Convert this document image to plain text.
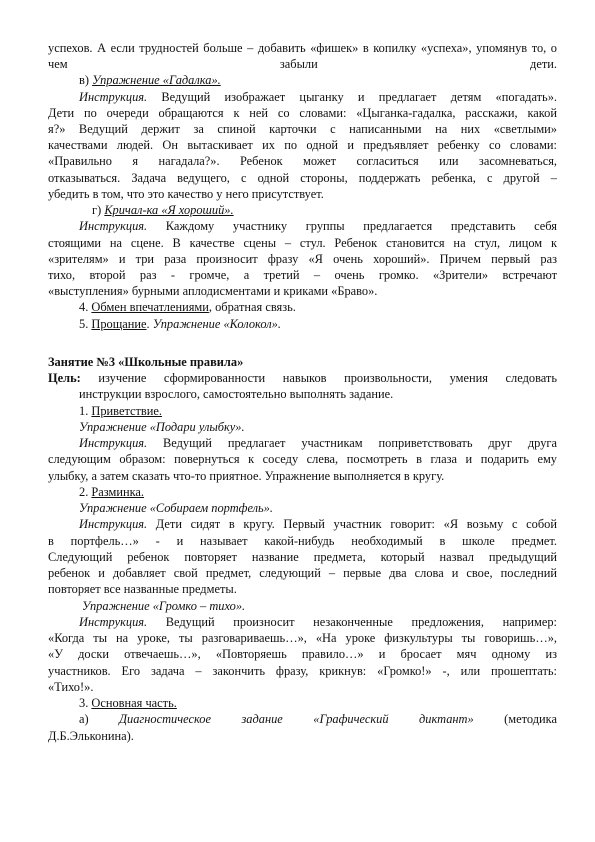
успехов. А если трудностей больше – добавить «фишек» в копилку «успеха», упомянув то, о чем забыли дети.
в) Упражнение «Гадалка».
Инструкция. Ведущий изображает цыганку и предлагает детям «погадать».
Дети по очереди обращаются к ней со словами: «Цыганка-гадалка, расскажи, какой
я?» Ведущий держит за спиной карточки с написанными на них «светлыми»
качествами людей. Он вытаскивает их по одной и предъявляет ребенку со словами:
«Правильно я нагадала?». Ребенок может согласиться или засомневаться,
отказываться. Задача ведущего, с одной стороны, поддержать ребенка, с другой –
убедить в том, что это качество у него присутствует.
г) Кричал-ка «Я хороший».
Инструкция. Каждому участнику группы предлагается представить себя
стоящими на сцене. В качестве сцены – стул. Ребенок становится на стул, лицом к
«зрителям» и три раза произносит фразу «Я очень хороший». Причем первый раз
тихо, второй раз - громче, а третий – очень громко. «Зрители» встречают
«выступления» бурными аплодисментами и криками «Браво».
4. Обмен впечатлениями, обратная связь.
5. Прощание. Упражнение «Колокол».
Занятие №3 «Школьные правила»
Цель: изучение сформированности навыков произвольности, умения следовать
инструкции взрослого, самостоятельно выполнять задание.
1. Приветствие.
Упражнение «Подари улыбку».
Инструкция. Ведущий предлагает участникам поприветствовать друг друга
следующим образом: повернуться к соседу слева, посмотреть в глаза и подарить ему
улыбку, а затем сказать что-то приятное. Упражнение выполняется в кругу.
2. Разминка.
Упражнение «Собираем портфель».
Инструкция. Дети сидят в кругу. Первый участник говорит: «Я возьму с собой
в портфель…» - и называет какой-нибудь необходимый в школе предмет.
Следующий ребенок повторяет название предмета, который назвал предыдущий
ребенок и добавляет свой предмет, следующий – первые два слова и свое, последний
повторяет все названные предметы.
Упражнение «Громко – тихо».
Инструкция. Ведущий произносит незаконченные предложения, например:
«Когда ты на уроке, ты разговариваешь…», «На уроке физкультуры ты говоришь…»,
«У доски отвечаешь…», «Повторяешь правило…» и бросает мяч одному из
участников. Его задача – закончить фразу, крикнув: «Громко!» -, или прошептать:
«Тихо!».
3. Основная часть.
а) Диагностическое задание «Графический диктант» (методика
Д.Б.Эльконина).
